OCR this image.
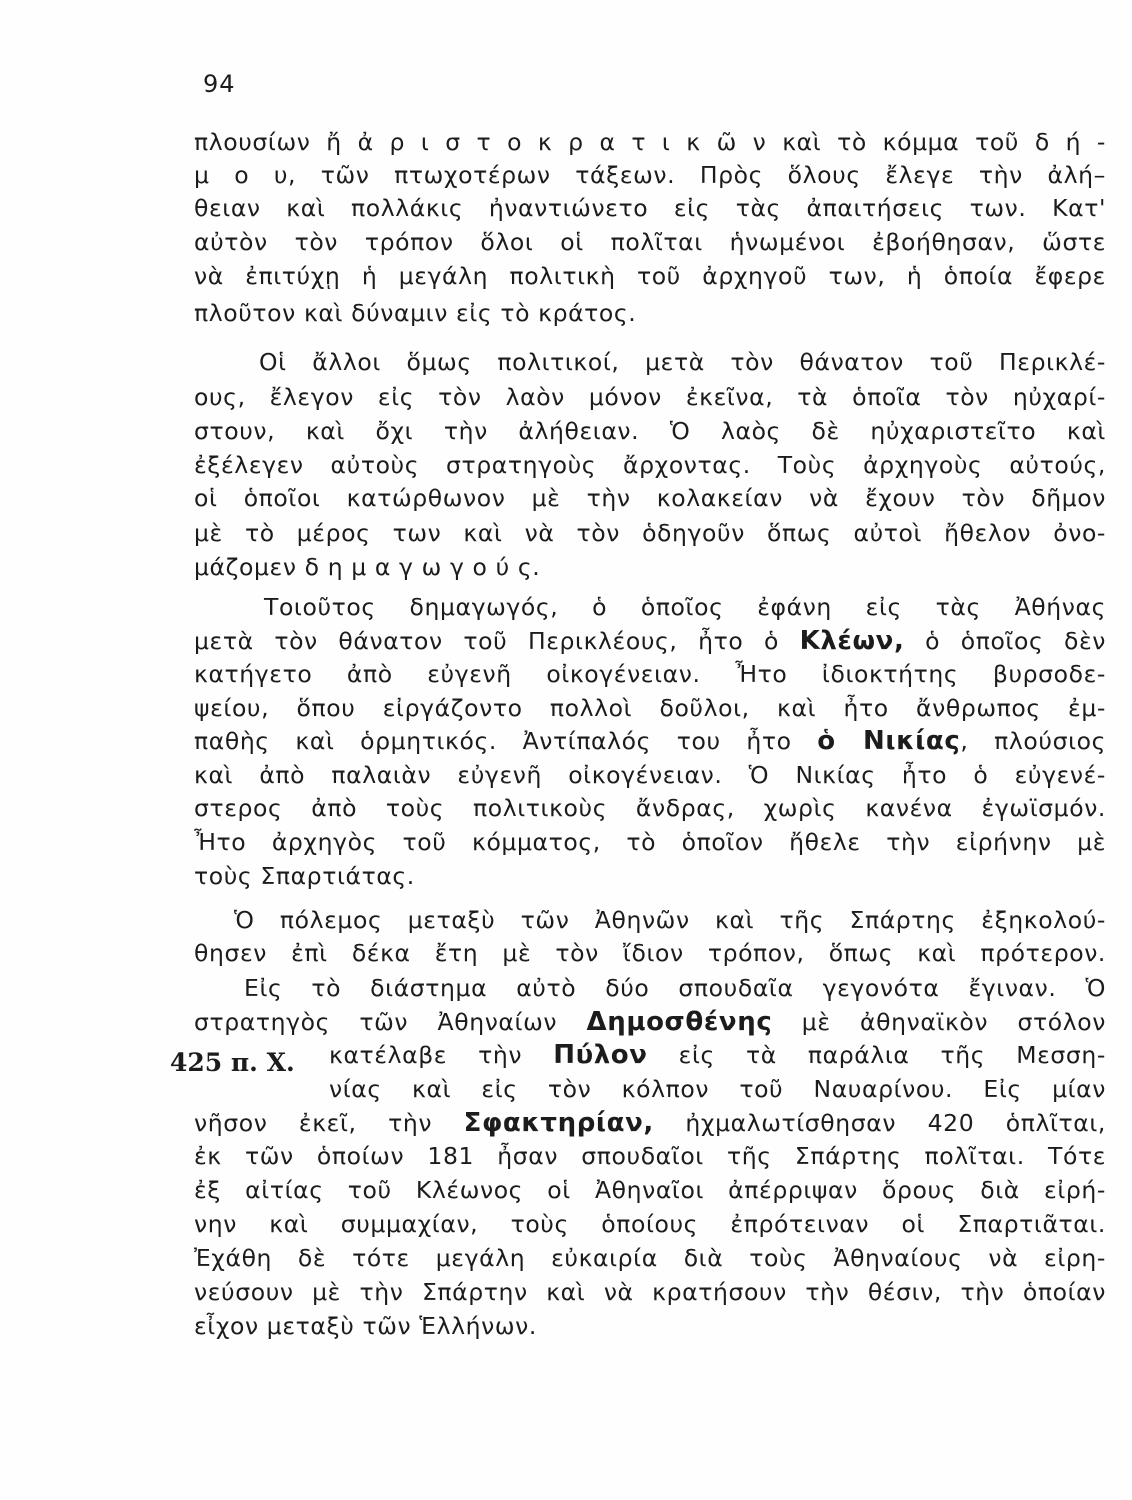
94
425 π. Χ.
πλουσίων ἤ ἀ ρ ι σ τ ο κ ρ α τ ι κ ῶ ν καὶ τὸ κόμμα τοῦ δ ή -
μ ο υ, τῶν πτωχοτέρων τάξεων. Πρὸς ὅλους ἔλεγε τὴν ἀλή–
θειαν καὶ πολλάκις ἠναντιώνετο εἰς τὰς ἀπαιτήσεις των. Κατ'
αὐτὸν τὸν τρόπον ὅλοι οἱ πολῖται ἡνωμένοι ἐβοήθησαν, ὥστε
νὰ ἐπιτύχῃ ἡ μεγάλη πολιτικὴ τοῦ ἀρχηγοῦ των, ἡ ὁποία ἔφερε
πλοῦτον καὶ δύναμιν εἰς τὸ κράτος.
Οἱ ἄλλοι ὅμως πολιτικοί, μετὰ τὸν θάνατον τοῦ Περικλέ-
ους, ἔλεγον εἰς τὸν λαὸν μόνον ἐκεῖνα, τὰ ὁποῖα τὸν ηὐχαρί-
στουν, καὶ ὄχι τὴν ἀλήθειαν. Ὁ λαὸς δὲ ηὐχαριστεῖτο καὶ
ἐξέλεγεν αὐτοὺς στρατηγοὺς ἄρχοντας. Τοὺς ἀρχηγοὺς αὐτούς,
οἱ ὁποῖοι κατώρθωνον μὲ τὴν κολακείαν νὰ ἔχουν τὸν δῆμον
μὲ τὸ μέρος των καὶ νὰ τὸν ὁδηγοῦν ὅπως αὐτοὶ ἤθελον ὀνο-
μάζομεν δ η μ α γ ω γ ο ύ ς.
Τοιοῦτος δημαγωγός, ὁ ὁποῖος ἐφάνη εἰς τὰς Ἀθήνας
μετὰ τὸν θάνατον τοῦ Περικλέους, ἦτο ὁ Κλέων, ὁ ὁποῖος δὲν
κατήγετο ἀπὸ εὐγενῆ οἰκογένειαν. Ἦτο ἰδιοκτήτης βυρσοδε-
ψείου, ὅπου εἰργάζοντο πολλοὶ δοῦλοι, καὶ ἦτο ἄνθρωπος ἐμ-
παθὴς καὶ ὁρμητικός. Ἀντίπαλός του ἦτο ὁ Νικίας, πλούσιος
καὶ ἀπὸ παλαιὰν εὐγενῆ οἰκογένειαν. Ὁ Νικίας ἦτο ὁ εὐγενέ-
στερος ἀπὸ τοὺς πολιτικοὺς ἄνδρας, χωρὶς κανένα ἐγωϊσμόν.
Ἦτο ἀρχηγὸς τοῦ κόμματος, τὸ ὁποῖον ἤθελε τὴν εἰρήνην μὲ
τοὺς Σπαρτιάτας.
Ὁ πόλεμος μεταξὺ τῶν Ἀθηνῶν καὶ τῆς Σπάρτης ἐξηκολού-
θησεν ἐπὶ δέκα ἔτη μὲ τὸν ἴδιον τρόπον, ὅπως καὶ πρότερον.
Εἰς τὸ διάστημα αὐτὸ δύο σπουδαῖα γεγονότα ἔγιναν. Ὁ
στρατηγὸς τῶν Ἀθηναίων Δημοσθένης μὲ ἀθηναϊκὸν στόλον
κατέλαβε τὴν Πύλον εἰς τὰ παράλια τῆς Μεσση-
νίας καὶ εἰς τὸν κόλπον τοῦ Ναυαρίνου. Εἰς μίαν
νῆσον ἐκεῖ, τὴν Σφακτηρίαν, ἠχμαλωτίσθησαν 420 ὁπλῖται,
ἐκ τῶν ὁποίων 181 ἦσαν σπουδαῖοι τῆς Σπάρτης πολῖται. Τότε
ἐξ αἰτίας τοῦ Κλέωνος οἱ Ἀθηναῖοι ἀπέρριψαν ὅρους διὰ εἰρή-
νην καὶ συμμαχίαν, τοὺς ὁποίους ἐπρότειναν οἱ Σπαρτιᾶται.
Ἐχάθη δὲ τότε μεγάλη εὐκαιρία διὰ τοὺς Ἀθηναίους νὰ εἰρη-
νεύσουν μὲ τὴν Σπάρτην καὶ νὰ κρατήσουν τὴν θέσιν, τὴν ὁποίαν
εἶχον μεταξὺ τῶν Ἑλλήνων.
